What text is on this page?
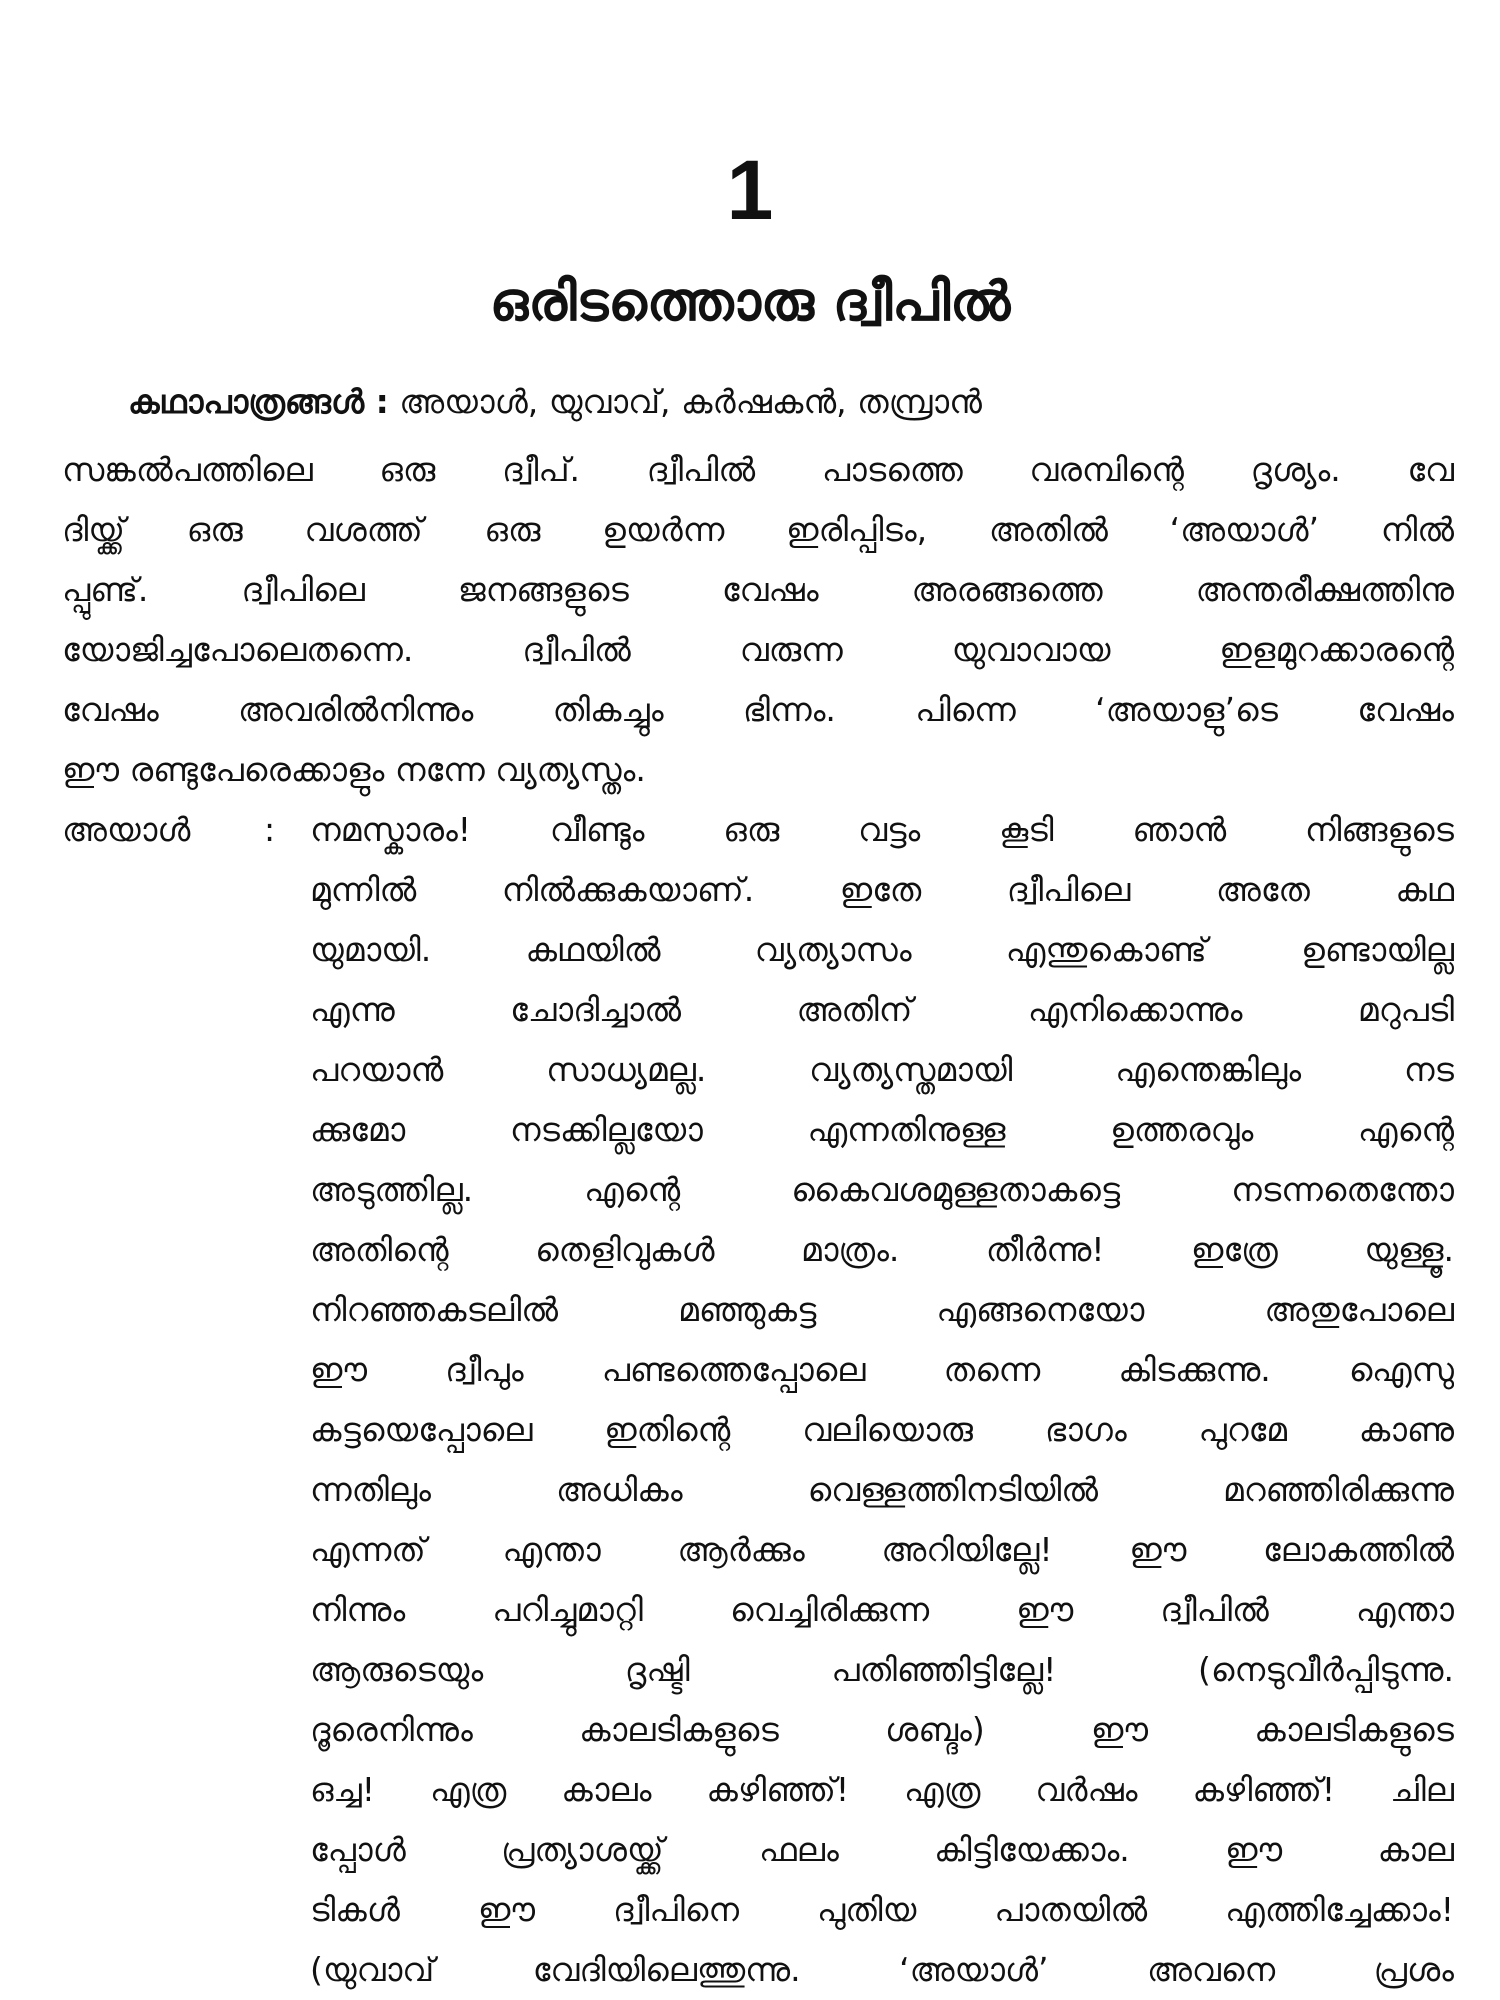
1
ഒരിടത്തൊരു ദ്വീപിൽ
കഥാപാത്രങ്ങൾ : അയാൾ, യുവാവ്, കർഷകൻ, തമ്പ്രാൻ
സങ്കൽപത്തിലെ ഒരു ദ്വീപ്. ദ്വീപിൽ പാടത്തെ വരമ്പിന്റെ ദൃശ്യം. വേ
ദിയ്ക്ക് ഒരു വശത്ത് ഒരു ഉയർന്ന ഇരിപ്പിടം, അതിൽ ‘അയാൾ’ നിൽ
പ്പുണ്ട്. ദ്വീപിലെ ജനങ്ങളുടെ വേഷം അരങ്ങത്തെ അന്തരീക്ഷത്തിനു
യോജിച്ചപോലെതന്നെ. ദ്വീപിൽ വരുന്ന യുവാവായ ഇളമുറക്കാരന്റെ
വേഷം അവരിൽനിന്നും തികച്ചും ഭിന്നം. പിന്നെ ‘അയാളു’ടെ വേഷം
ഈ രണ്ടുപേരെക്കാളും നന്നേ വ്യത്യസ്തം.
അയാൾ : നമസ്കാരം! വീണ്ടും ഒരു വട്ടം കൂടി ഞാൻ നിങ്ങളുടെ
മുന്നിൽ നിൽക്കുകയാണ്. ഇതേ ദ്വീപിലെ അതേ കഥ
യുമായി. കഥയിൽ വ്യത്യാസം എന്തുകൊണ്ട് ഉണ്ടായില്ല
എന്നു ചോദിച്ചാൽ അതിന് എനിക്കൊന്നും മറുപടി
പറയാൻ സാധ്യമല്ല. വ്യത്യസ്തമായി എന്തെങ്കിലും നട
ക്കുമോ നടക്കില്ലയോ എന്നതിനുള്ള ഉത്തരവും എന്റെ
അടുത്തില്ല. എന്റെ കൈവശമുള്ളതാകട്ടെ നടന്നതെന്തോ
അതിന്റെ തെളിവുകൾ മാത്രം. തീർന്നു! ഇത്രേ യുള്ളൂ.
നിറഞ്ഞകടലിൽ മഞ്ഞുകട്ട എങ്ങനെയോ അതുപോലെ
ഈ ദ്വീപും പണ്ടത്തെപ്പോലെ തന്നെ കിടക്കുന്നു. ഐസു
കട്ടയെപ്പോലെ ഇതിന്റെ വലിയൊരു ഭാഗം പുറമേ കാണു
ന്നതിലും അധികം വെള്ളത്തിനടിയിൽ മറഞ്ഞിരിക്കുന്നു
എന്നത് എന്താ ആർക്കും അറിയില്ലേ! ഈ ലോകത്തിൽ
നിന്നും പറിച്ചുമാറ്റി വെച്ചിരിക്കുന്ന ഈ ദ്വീപിൽ എന്താ
ആരുടെയും ദൃഷ്ടി പതിഞ്ഞിട്ടില്ലേ! (നെടുവീർപ്പിടുന്നു.
ദൂരെനിന്നും കാലടികളുടെ ശബ്ദം) ഈ കാലടികളുടെ
ഒച്ച! എത്ര കാലം കഴിഞ്ഞ്! എത്ര വർഷം കഴിഞ്ഞ്! ചില
പ്പോൾ പ്രത്യാശയ്ക്ക് ഫലം കിട്ടിയേക്കാം. ഈ കാല
ടികൾ ഈ ദ്വീപിനെ പുതിയ പാതയിൽ എത്തിച്ചേക്കാം!
(യുവാവ് വേദിയിലെത്തുന്നു. ‘അയാൾ’ അവനെ പ്രശം
